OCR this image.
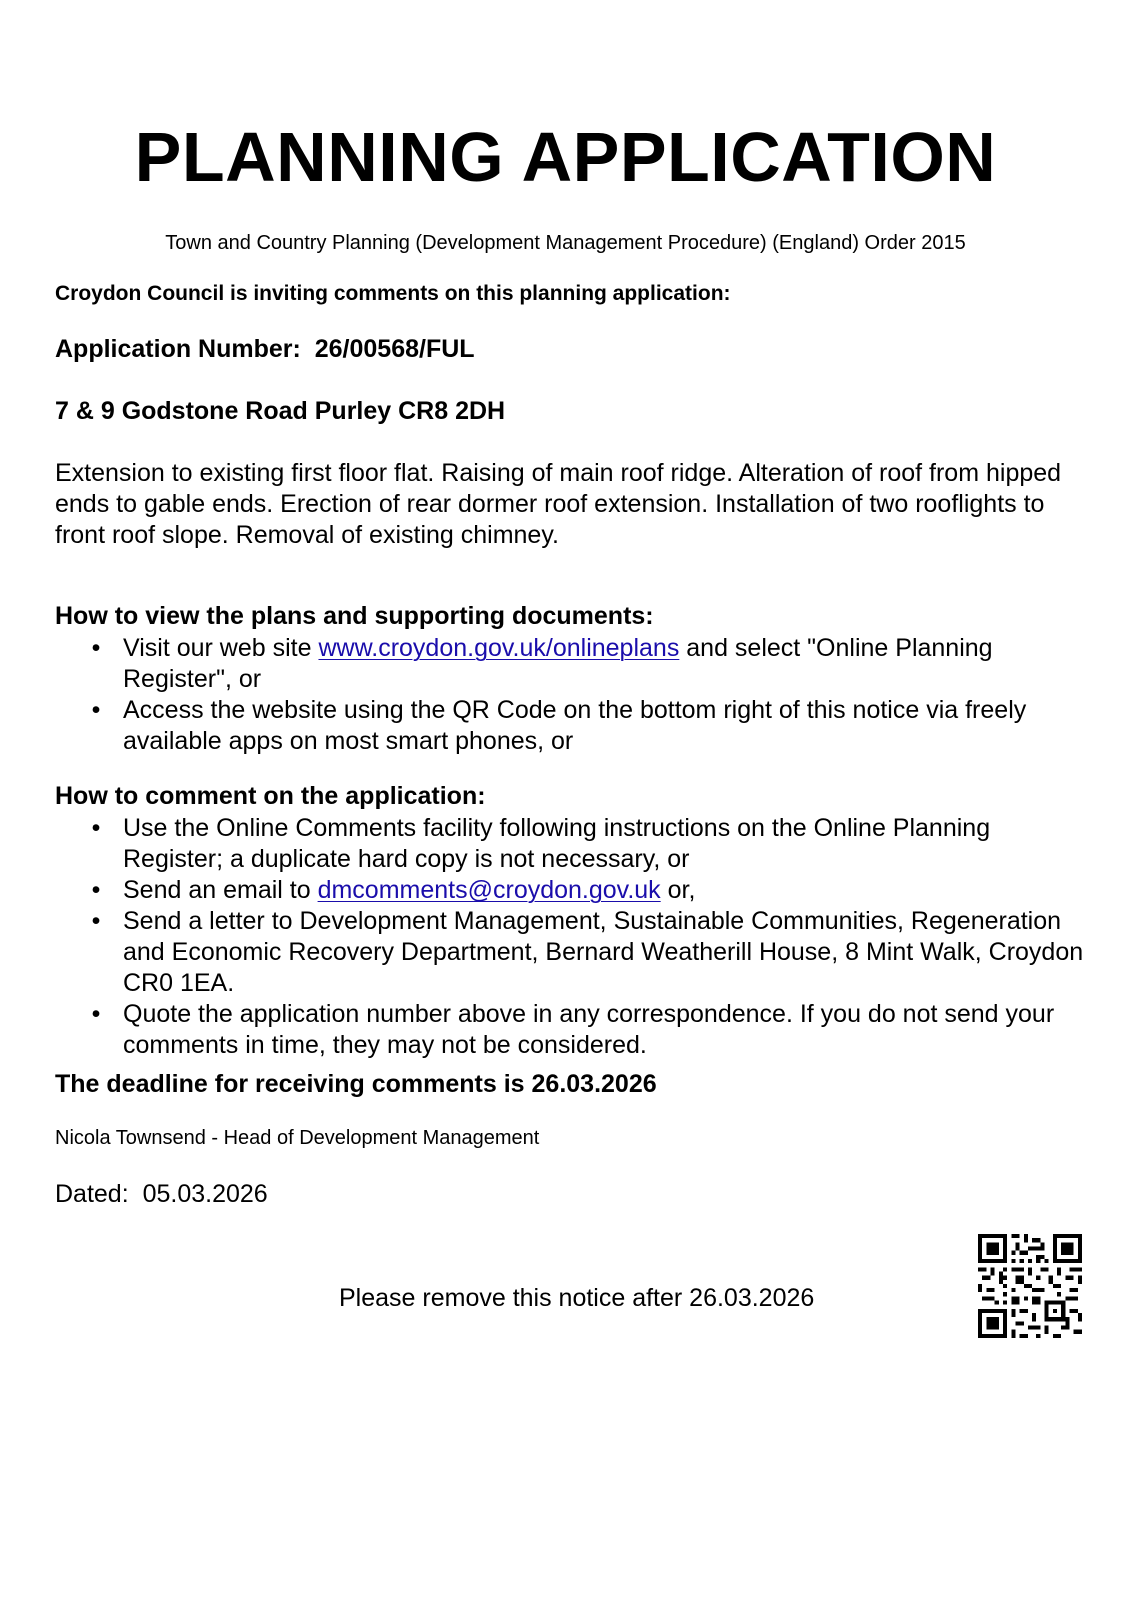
PLANNING APPLICATION
Town and Country Planning (Development Management Procedure) (England) Order 2015
Croydon Council is inviting comments on this planning application:
Application Number: 26/00568/FUL
7 & 9 Godstone Road Purley CR8 2DH
Extension to existing first floor flat. Raising of main roof ridge. Alteration of roof from hipped ends to gable ends. Erection of rear dormer roof extension. Installation of two rooflights to front roof slope. Removal of existing chimney.
How to view the plans and supporting documents:
• Visit our web site www.croydon.gov.uk/onlineplans and select "Online Planning Register", or
• Access the website using the QR Code on the bottom right of this notice via freely available apps on most smart phones, or
How to comment on the application:
• Use the Online Comments facility following instructions on the Online Planning Register; a duplicate hard copy is not necessary, or
• Send an email to dmcomments@croydon.gov.uk or,
• Send a letter to Development Management, Sustainable Communities, Regeneration and Economic Recovery Department, Bernard Weatherill House, 8 Mint Walk, Croydon CR0 1EA.
• Quote the application number above in any correspondence. If you do not send your comments in time, they may not be considered.
The deadline for receiving comments is 26.03.2026
Nicola Townsend - Head of Development Management
Dated: 05.03.2026
Please remove this notice after 26.03.2026
